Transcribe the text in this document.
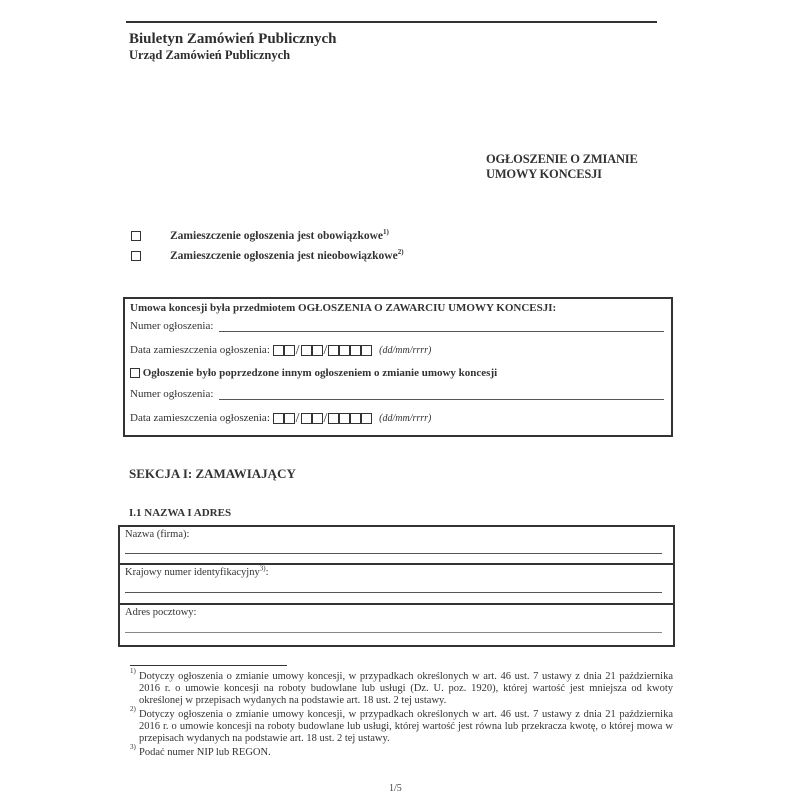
Biuletyn Zamówień Publicznych
Urząd Zamówień Publicznych
OGŁOSZENIE O ZMIANIE
UMOWY KONCESJI
Zamieszczenie ogłoszenia jest obowiązkowe$^{1)}$
Zamieszczenie ogłoszenia jest nieobowiązkowe$^{2)}$
Umowa koncesji była przedmiotem OGŁOSZENIA O ZAWARCIU UMOWY KONCESJI:
Numer ogłoszenia:
Data zamieszczenia ogłoszenia: / /	(dd/mm/rrrr)
Ogłoszenie było poprzedzone innym ogłoszeniem o zmianie umowy koncesji
Numer ogłoszenia:
Data zamieszczenia ogłoszenia: / /	(dd/mm/rrrr)
SEKCJA I: ZAMAWIAJĄCY
I.1 NAZWA I ADRES
Nazwa (firma):
Krajowy numer identyfikacyjny$^{3)}$:
Adres pocztowy:
1) Dotyczy ogłoszenia o zmianie umowy koncesji, w przypadkach określonych w art. 46 ust. 7 ustawy z dnia 21 października 2016 r. o umowie koncesji na roboty budowlane lub usługi (Dz. U. poz. 1920), której wartość jest mniejsza od kwoty określonej w przepisach wydanych na podstawie art. 18 ust. 2 tej ustawy.
2) Dotyczy ogłoszenia o zmianie umowy koncesji, w przypadkach określonych w art. 46 ust. 7 ustawy z dnia 21 października 2016 r. o umowie koncesji na roboty budowlane lub usługi, której wartość jest równa lub przekracza kwotę, o której mowa w przepisach wydanych na podstawie art. 18 ust. 2 tej ustawy.
3) Podać numer NIP lub REGON.
1/5
